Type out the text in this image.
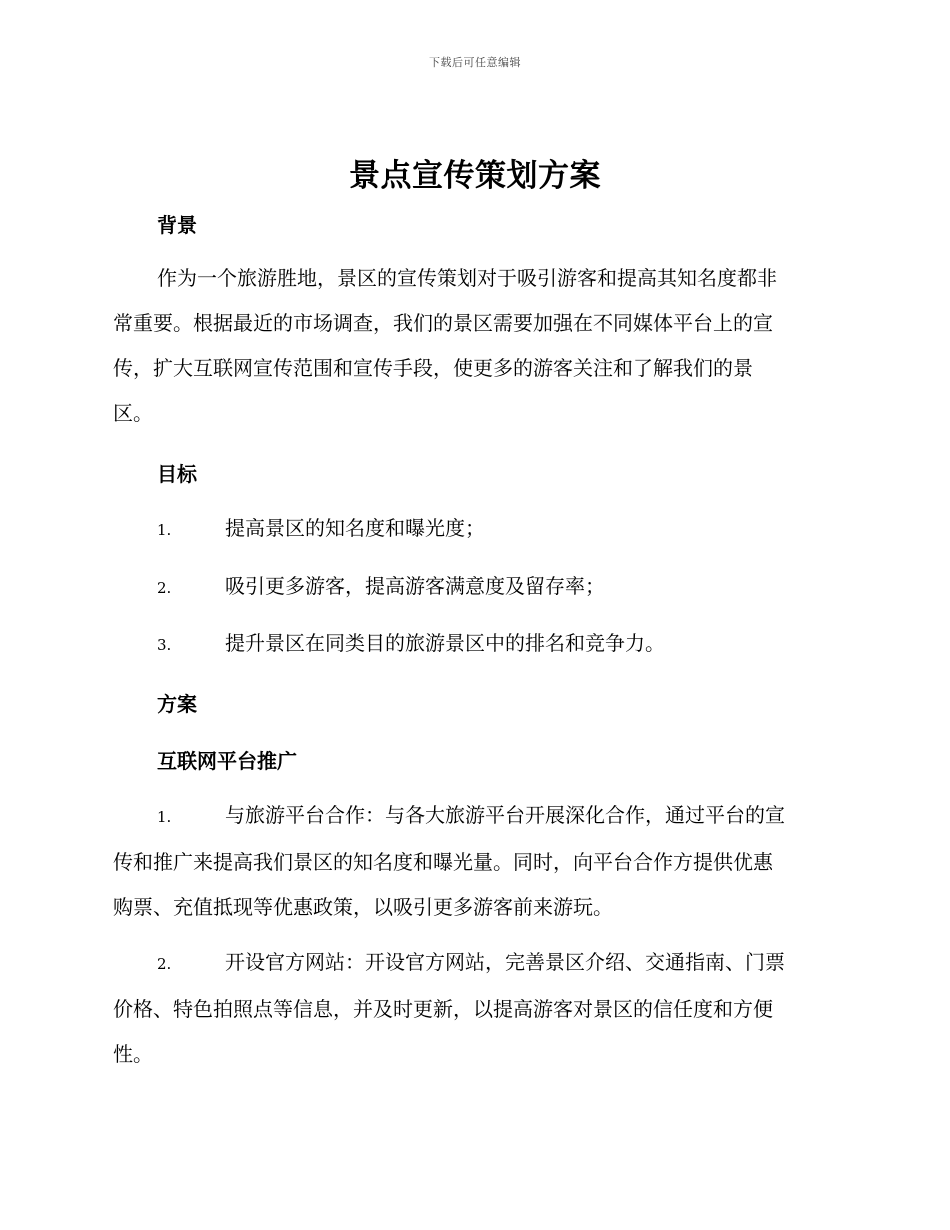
下载后可任意编辑
景点宣传策划方案
背景
作为一个旅游胜地，景区的宣传策划对于吸引游客和提高其知名度都非
常重要。根据最近的市场调查，我们的景区需要加强在不同媒体平台上的宣
传，扩大互联网宣传范围和宣传手段，使更多的游客关注和了解我们的景
区。
目标
1.	提高景区的知名度和曝光度；
2.	吸引更多游客，提高游客满意度及留存率；
3.	提升景区在同类目的旅游景区中的排名和竞争力。
方案
互联网平台推广
1.	与旅游平台合作：与各大旅游平台开展深化合作，通过平台的宣
传和推广来提高我们景区的知名度和曝光量。同时，向平台合作方提供优惠
购票、充值抵现等优惠政策，以吸引更多游客前来游玩。
2.	开设官方网站：开设官方网站，完善景区介绍、交通指南、门票
价格、特色拍照点等信息，并及时更新，以提高游客对景区的信任度和方便
性。
